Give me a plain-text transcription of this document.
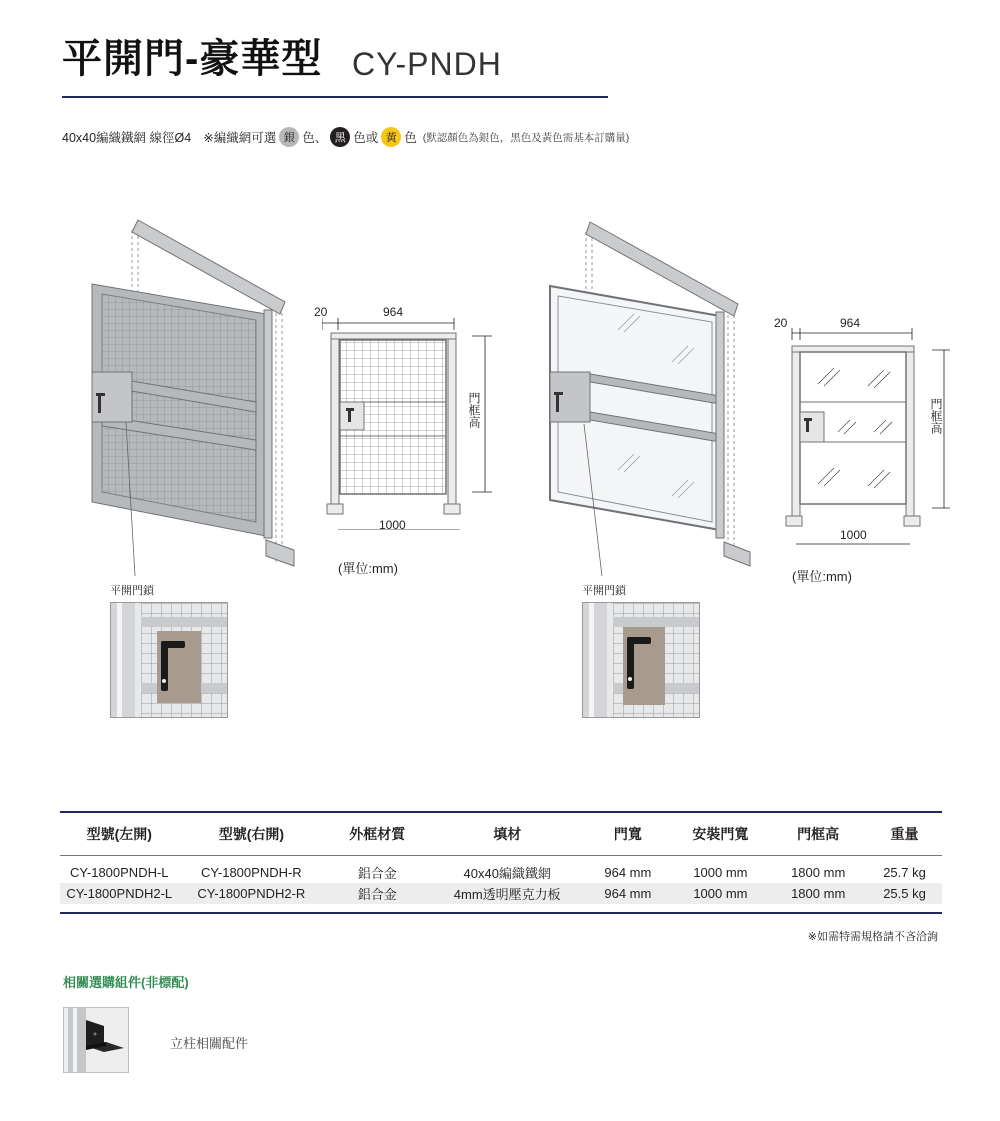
平開門-豪華型 CY-PNDH
40x40編織鐵網 線徑Ø4 ※編織網可選 銀 色、 黑 色或 黃 色 (默認顏色為銀色，黑色及黃色需基本訂購量)
20	964
門框高
1000
(單位:mm)
平開門鎖
20	964
門框高
1000
(單位:mm)
平開門鎖
型號(左開)	型號(右開)	外框材質	填材	門寬	安裝門寬	門框高	重量
CY-1800PNDH-L	CY-1800PNDH-R	鋁合金	40x40編織鐵網	964 mm	1000 mm	1800 mm	25.7 kg
CY-1800PNDH2-L	CY-1800PNDH2-R	鋁合金	4mm透明壓克力板	964 mm	1000 mm	1800 mm	25.5 kg
※如需特需規格請不吝洽詢
相關選購組件(非標配)
立柱相關配件
